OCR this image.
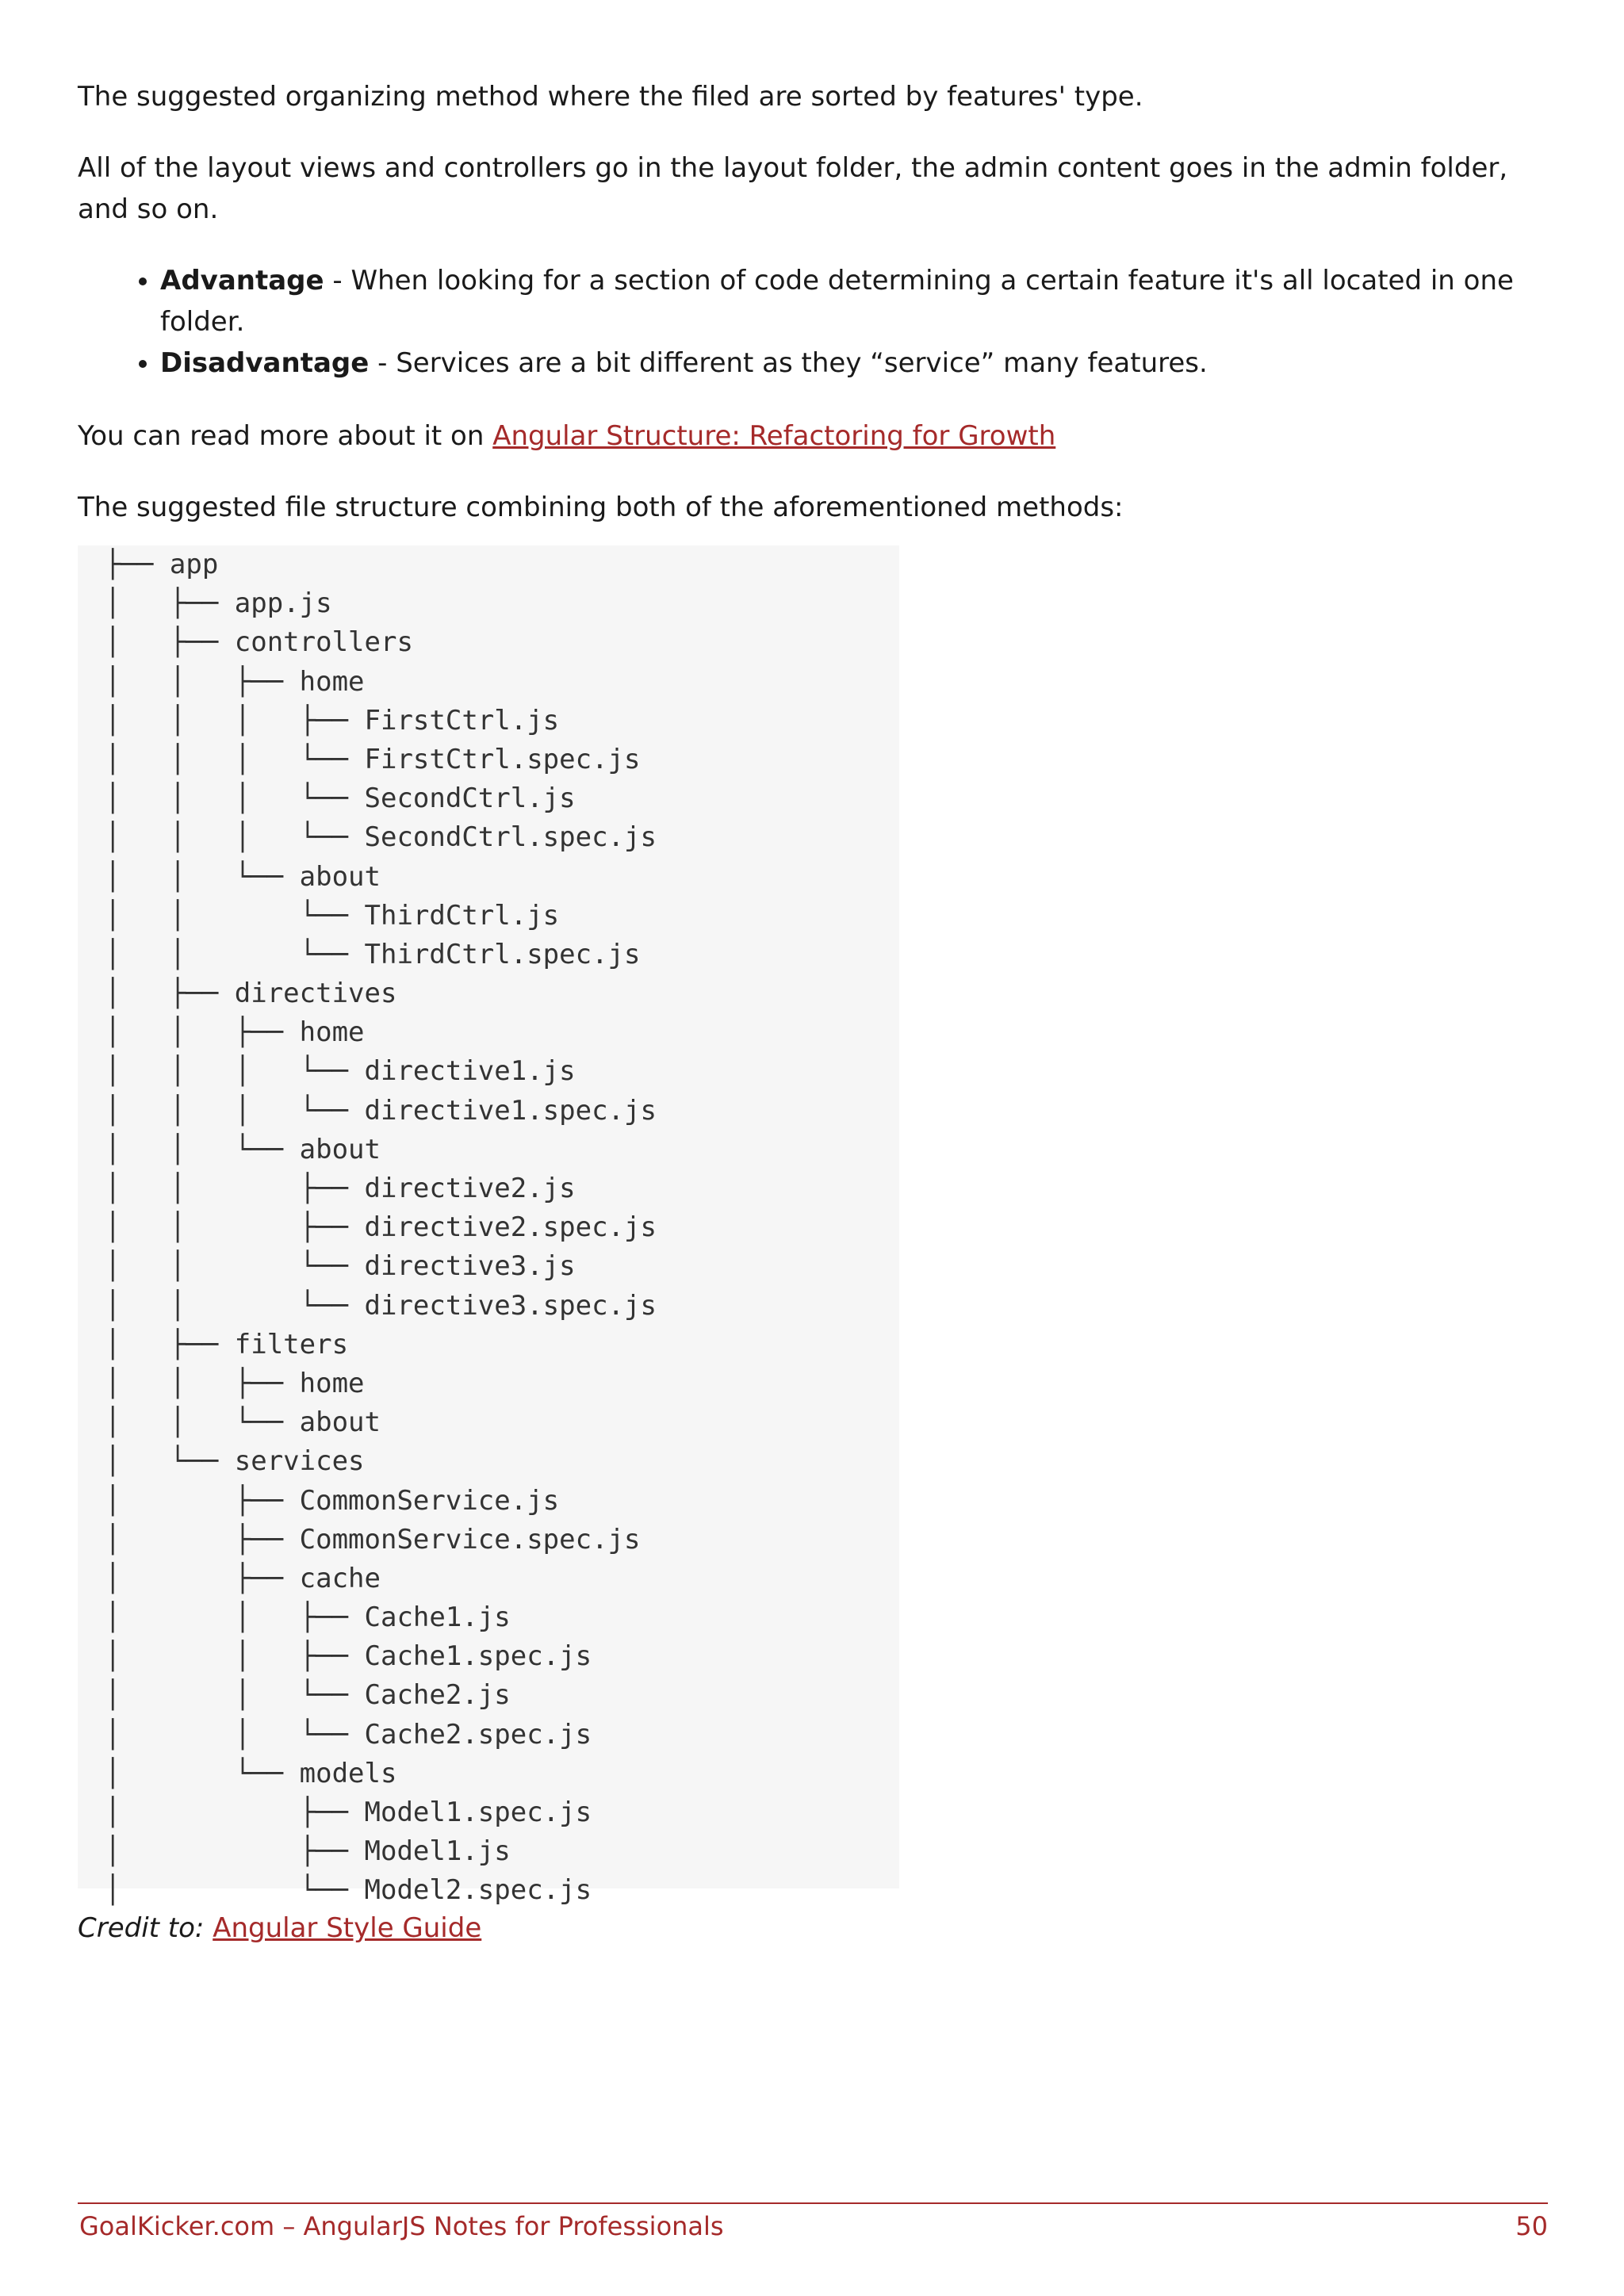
The suggested organizing method where the filed are sorted by features' type.

All of the layout views and controllers go in the layout folder, the admin content goes in the admin folder, and so on.

• Advantage - When looking for a section of code determining a certain feature it's all located in one folder.
• Disadvantage - Services are a bit different as they “service” many features.

You can read more about it on Angular Structure: Refactoring for Growth

The suggested file structure combining both of the aforementioned methods:

├── app
│   ├── app.js
│   ├── controllers
│   │   ├── home
│   │   │   ├── FirstCtrl.js
│   │   │   └── FirstCtrl.spec.js
│   │   │   └── SecondCtrl.js
│   │   │   └── SecondCtrl.spec.js
│   │   └── about
│   │       └── ThirdCtrl.js
│   │       └── ThirdCtrl.spec.js
│   ├── directives
│   │   ├── home
│   │   │   └── directive1.js
│   │   │   └── directive1.spec.js
│   │   └── about
│   │       ├── directive2.js
│   │       ├── directive2.spec.js
│   │       └── directive3.js
│   │       └── directive3.spec.js
│   ├── filters
│   │   ├── home
│   │   └── about
│   └── services
│       ├── CommonService.js
│       ├── CommonService.spec.js
│       ├── cache
│       │   ├── Cache1.js
│       │   ├── Cache1.spec.js
│       │   └── Cache2.js
│       │   └── Cache2.spec.js
│       └── models
│           ├── Model1.spec.js
│           ├── Model1.js
│           └── Model2.spec.js

Credit to: Angular Style Guide

GoalKicker.com – AngularJS Notes for Professionals	50
